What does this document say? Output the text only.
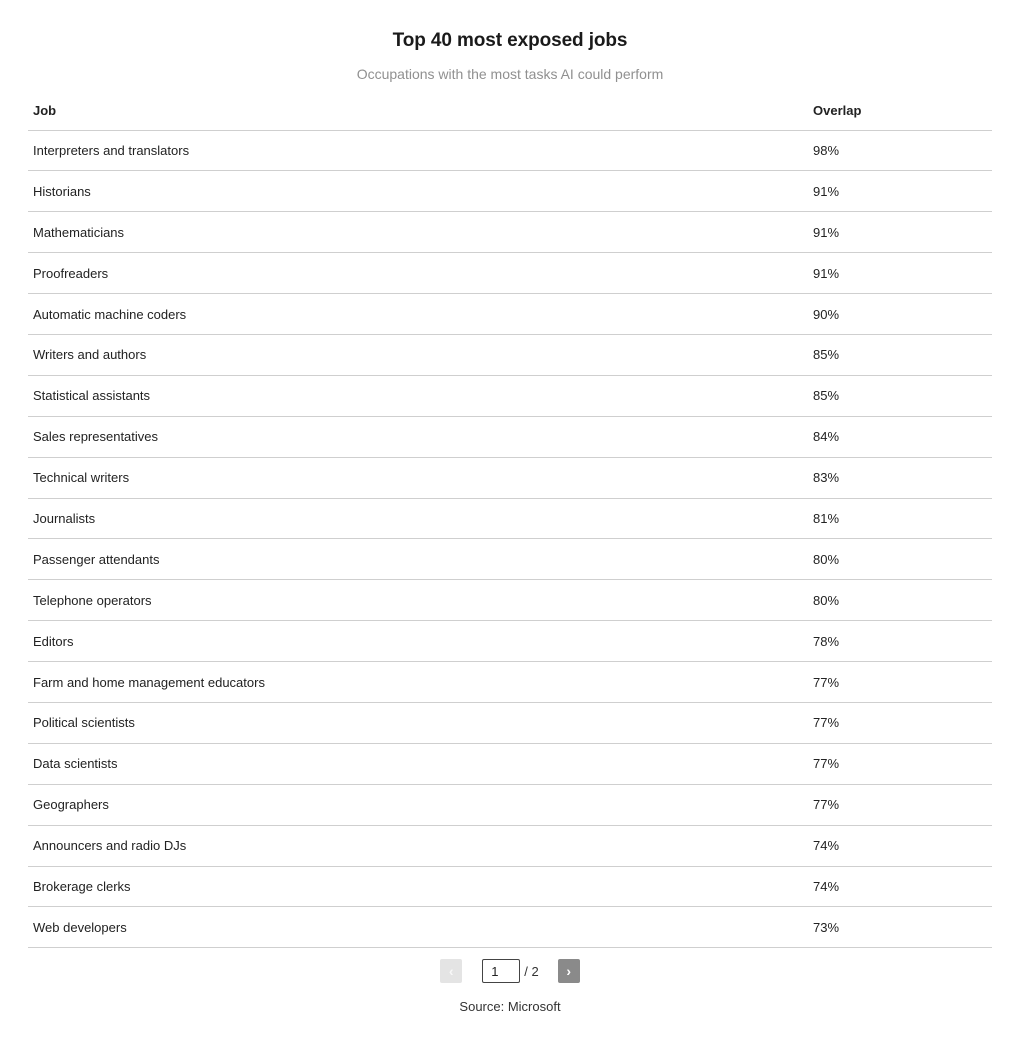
Top 40 most exposed jobs
Occupations with the most tasks AI could perform
Job	Overlap
Interpreters and translators	98%
Historians	91%
Mathematicians	91%
Proofreaders	91%
Automatic machine coders	90%
Writers and authors	85%
Statistical assistants	85%
Sales representatives	84%
Technical writers	83%
Journalists	81%
Passenger attendants	80%
Telephone operators	80%
Editors	78%
Farm and home management educators	77%
Political scientists	77%
Data scientists	77%
Geographers	77%
Announcers and radio DJs	74%
Brokerage clerks	74%
Web developers	73%
‹
1	/ 2	›
Source: Microsoft
